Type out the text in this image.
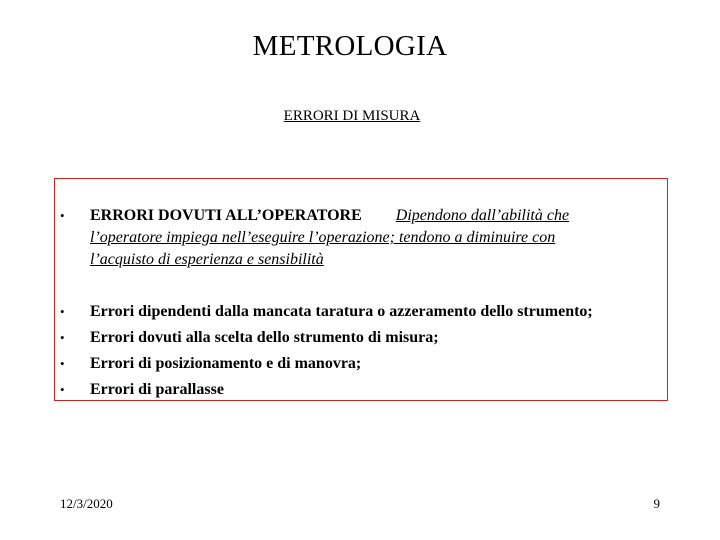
METROLOGIA
ERRORI DI MISURA
•	ERRORI DOVUTI ALL’OPERATORE Dipendono dall’abilità che
l’operatore impiega nell’eseguire l’operazione; tendono a diminuire con
l’acquisto di esperienza e sensibilità
•	Errori dipendenti dalla mancata taratura o azzeramento dello strumento;
•	Errori dovuti alla scelta dello strumento di misura;
•	Errori di posizionamento e di manovra;
•	Errori di parallasse
12/3/2020	9
